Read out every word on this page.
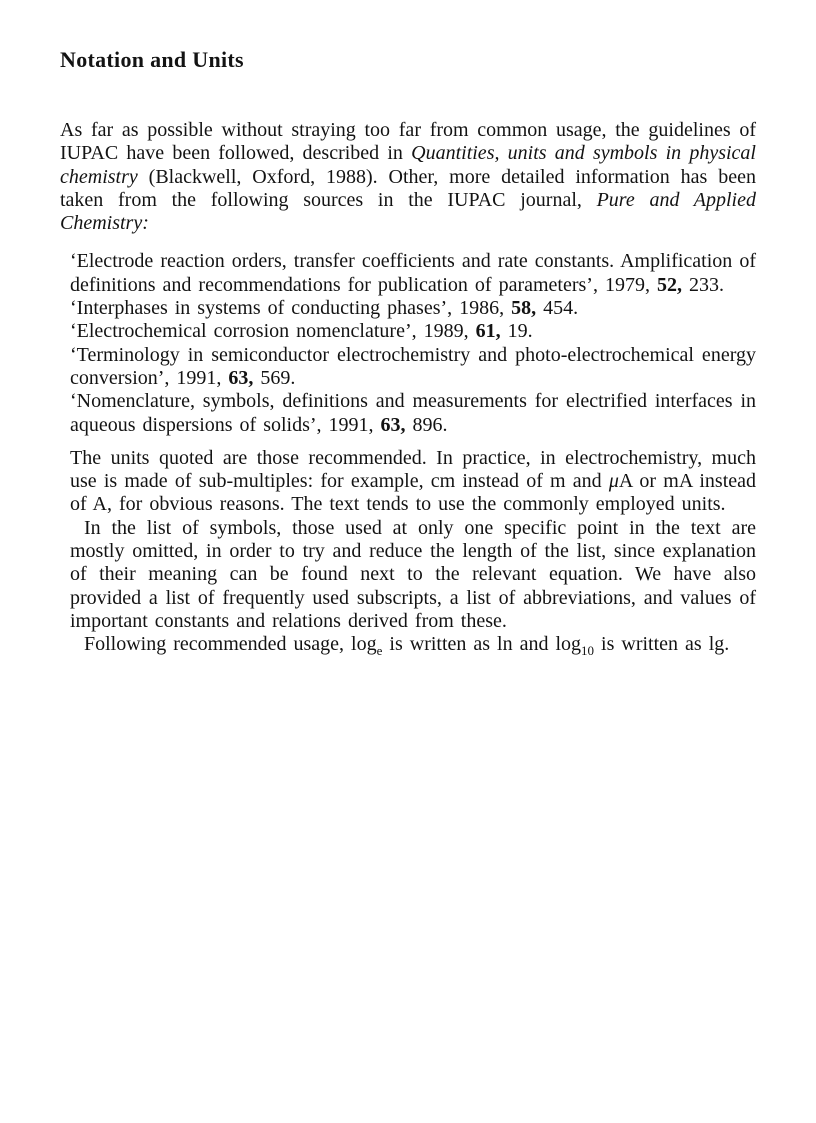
Notation and Units

As far as possible without straying too far from common usage, the guidelines of IUPAC have been followed, described in Quantities, units and symbols in physical chemistry (Blackwell, Oxford, 1988). Other, more detailed information has been taken from the following sources in the IUPAC journal, Pure and Applied Chemistry:

‘Electrode reaction orders, transfer coefficients and rate constants. Amplification of definitions and recommendations for publication of parameters’, 1979, 52, 233.

‘Interphases in systems of conducting phases’, 1986, 58, 454.

‘Electrochemical corrosion nomenclature’, 1989, 61, 19.

‘Terminology in semiconductor electrochemistry and photo-electrochemical energy conversion’, 1991, 63, 569.

‘Nomenclature, symbols, definitions and measurements for electrified interfaces in aqueous dispersions of solids’, 1991, 63, 896.

The units quoted are those recommended. In practice, in electrochemistry, much use is made of sub-multiples: for example, cm instead of m and μA or mA instead of A, for obvious reasons. The text tends to use the commonly employed units.

In the list of symbols, those used at only one specific point in the text are mostly omitted, in order to try and reduce the length of the list, since explanation of their meaning can be found next to the relevant equation. We have also provided a list of frequently used subscripts, a list of abbreviations, and values of important constants and relations derived from these.

Following recommended usage, $\log_e$ is written as ln and $\log_{10}$ is written as lg.
